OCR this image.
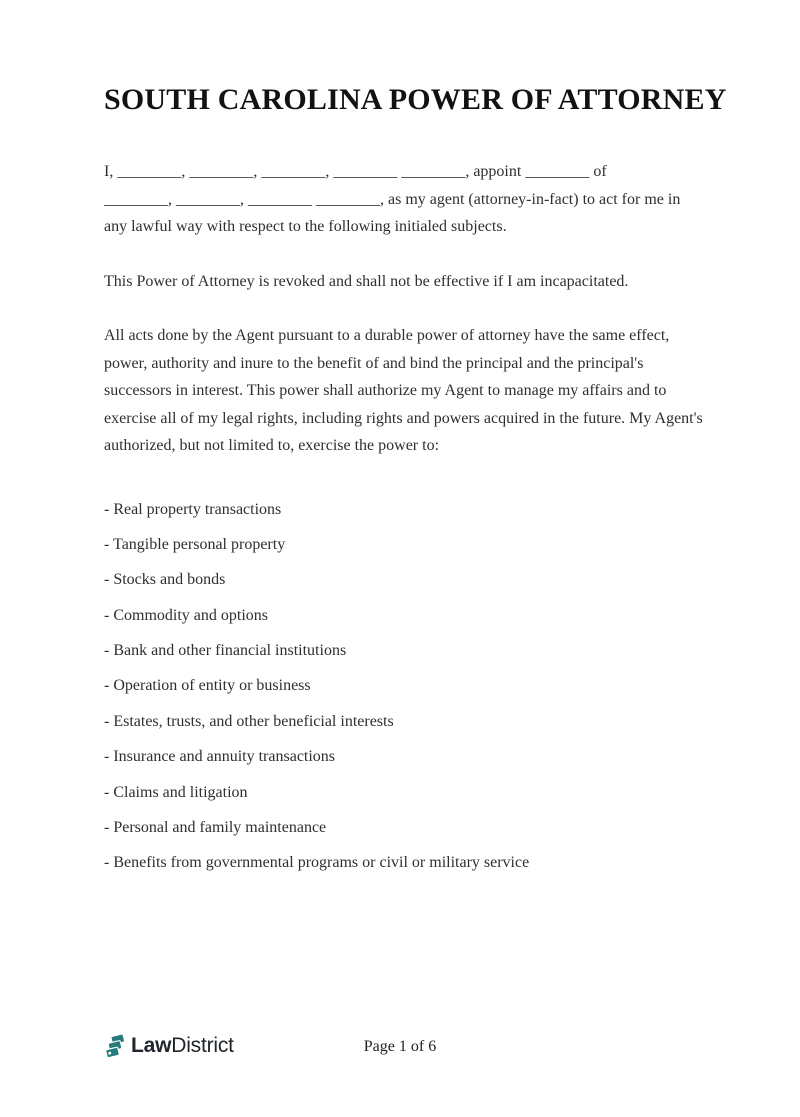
SOUTH CAROLINA POWER OF ATTORNEY
I, ________, ________, ________, ________ ________, appoint ________ of
________, ________, ________ ________, as my agent (attorney-in-fact) to act for me in
any lawful way with respect to the following initialed subjects.
This Power of Attorney is revoked and shall not be effective if I am incapacitated.
All acts done by the Agent pursuant to a durable power of attorney have the same effect,
power, authority and inure to the benefit of and bind the principal and the principal's
successors in interest. This power shall authorize my Agent to manage my affairs and to
exercise all of my legal rights, including rights and powers acquired in the future. My Agent's
authorized, but not limited to, exercise the power to:
- Real property transactions
- Tangible personal property
- Stocks and bonds
- Commodity and options
- Bank and other financial institutions
- Operation of entity or business
- Estates, trusts, and other beneficial interests
- Insurance and annuity transactions
- Claims and litigation
- Personal and family maintenance
- Benefits from governmental programs or civil or military service
LawDistrict	Page 1 of 6
